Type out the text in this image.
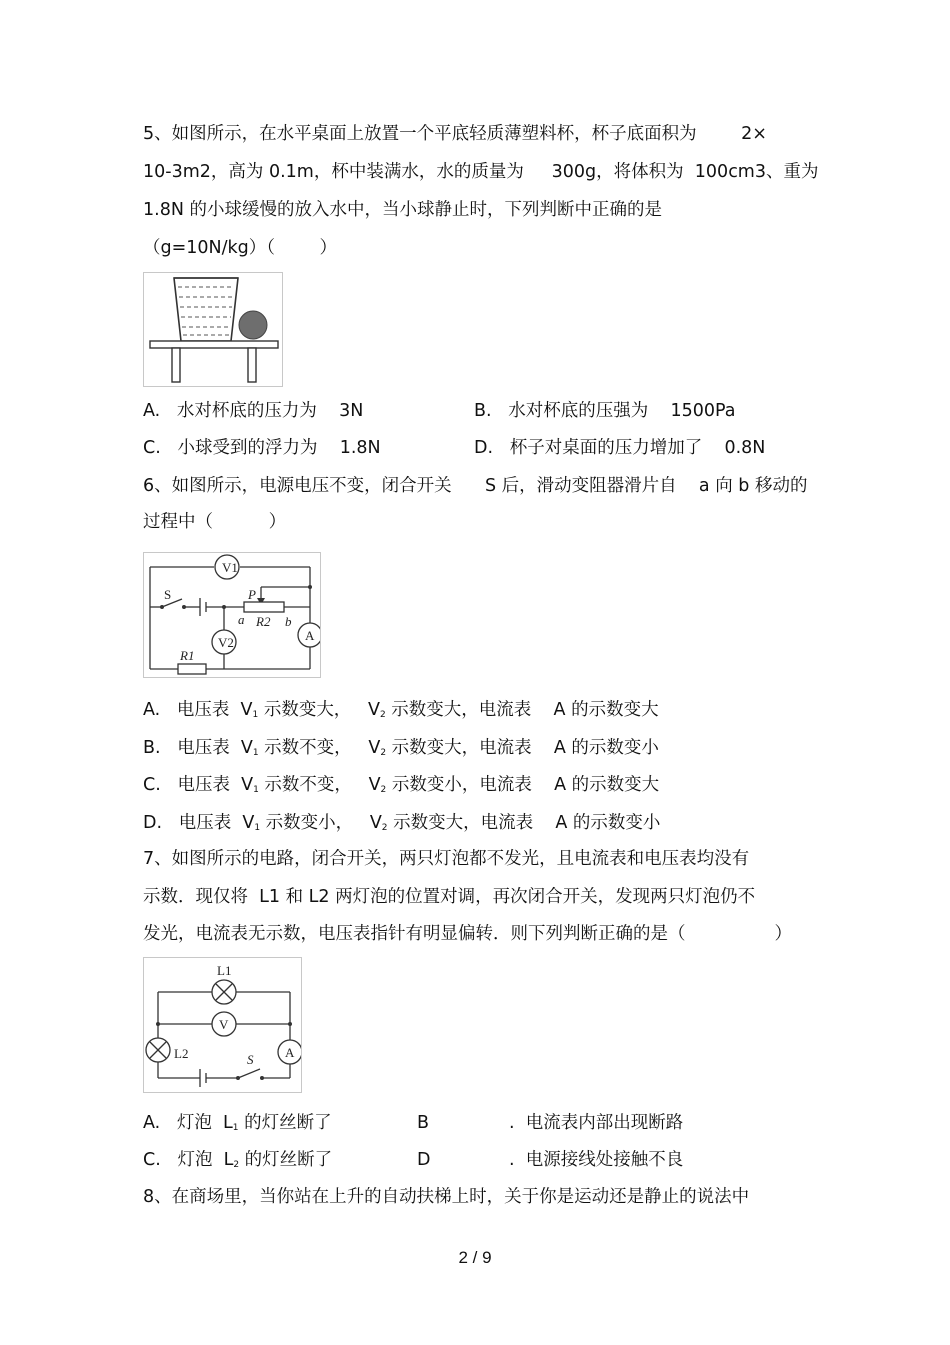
5、如图所示，在水平桌面上放置一个平底轻质薄塑料杯，杯子底面积为        2×
10-3m2，高为 0.1m，杯中装满水，水的质量为     300g，将体积为  100cm3、重为
1.8N 的小球缓慢的放入水中，当小球静止时，下列判断中正确的是
（g=10N/kg）（        ）
A.   水对杯底的压力为    3N	B.   水对杯底的压强为    1500Pa
C.   小球受到的浮力为    1.8N	D.   杯子对桌面的压力增加了    0.8N
6、如图所示，电源电压不变，闭合开关      S 后，滑动变阻器滑片自    a 向 b 移动的
过程中（          ）
V1
V2	A
S	P
R2
R1
a	b
A.   电压表  $V_1$ 示数变大，   $V_2$ 示数变大，电流表    A 的示数变大
B.   电压表  $V_1$ 示数不变，   $V_2$ 示数变大，电流表    A 的示数变小
C.   电压表  $V_1$ 示数不变，   $V_2$ 示数变小，电流表    A 的示数变大
D.   电压表  $V_1$ 示数变小，   $V_2$ 示数变大，电流表    A 的示数变小
7、如图所示的电路，闭合开关，两只灯泡都不发光，且电流表和电压表均没有
示数．现仅将  L1 和 L2 两灯泡的位置对调，再次闭合开关，发现两只灯泡仍不
发光，电流表无示数，电压表指针有明显偏转．则下列判断正确的是（                ）
L1
V
L2	A
S
A.   灯泡  $L_1$ 的灯丝断了	B	.  电流表内部出现断路
C.   灯泡  $L_2$ 的灯丝断了	D	.  电源接线处接触不良
8、在商场里，当你站在上升的自动扶梯上时，关于你是运动还是静止的说法中
2 / 9
